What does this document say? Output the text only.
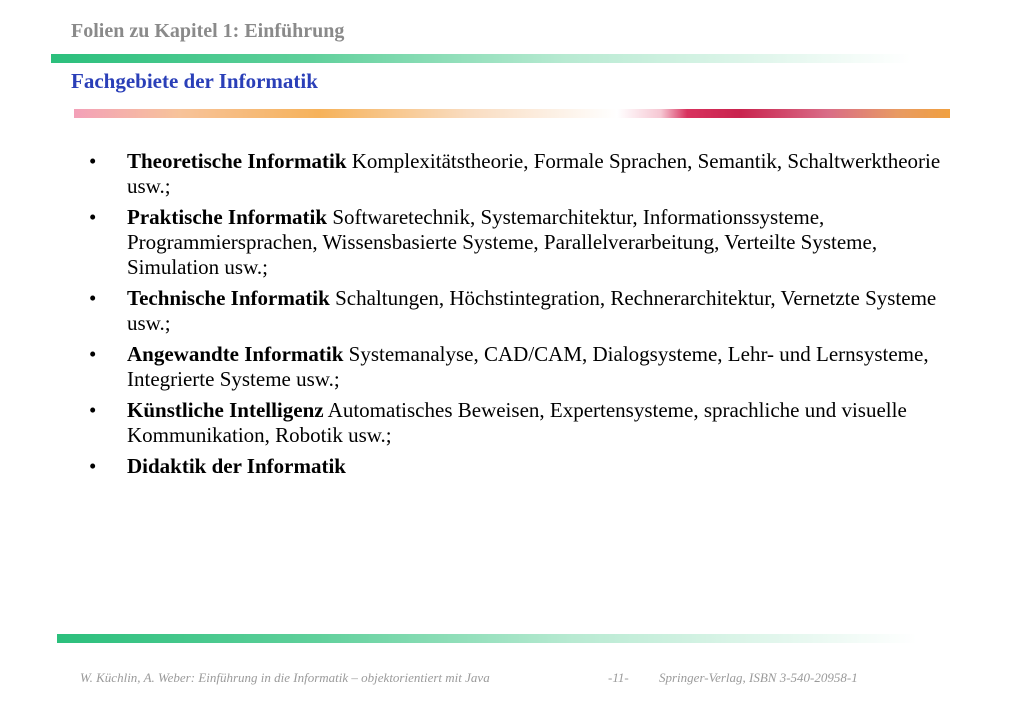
Folien zu Kapitel 1: Einführung
Fachgebiete der Informatik
• Theoretische Informatik Komplexitätstheorie, Formale Sprachen, Semantik, Schaltwerktheorie usw.;
• Praktische Informatik Softwaretechnik, Systemarchitektur, Informationssysteme, Programmiersprachen, Wissensbasierte Systeme, Parallelverarbeitung, Verteilte Systeme, Simulation usw.;
• Technische Informatik Schaltungen, Höchstintegration, Rechnerarchitektur, Vernetzte Systeme usw.;
• Angewandte Informatik Systemanalyse, CAD/CAM, Dialogsysteme, Lehr- und Lernsysteme, Integrierte Systeme usw.;
• Künstliche Intelligenz Automatisches Beweisen, Expertensysteme, sprachliche und visuelle Kommunikation, Robotik usw.;
• Didaktik der Informatik
W. Küchlin, A. Weber: Einführung in die Informatik – objektorientiert mit Java	-11- Springer-Verlag, ISBN 3-540-20958-1
